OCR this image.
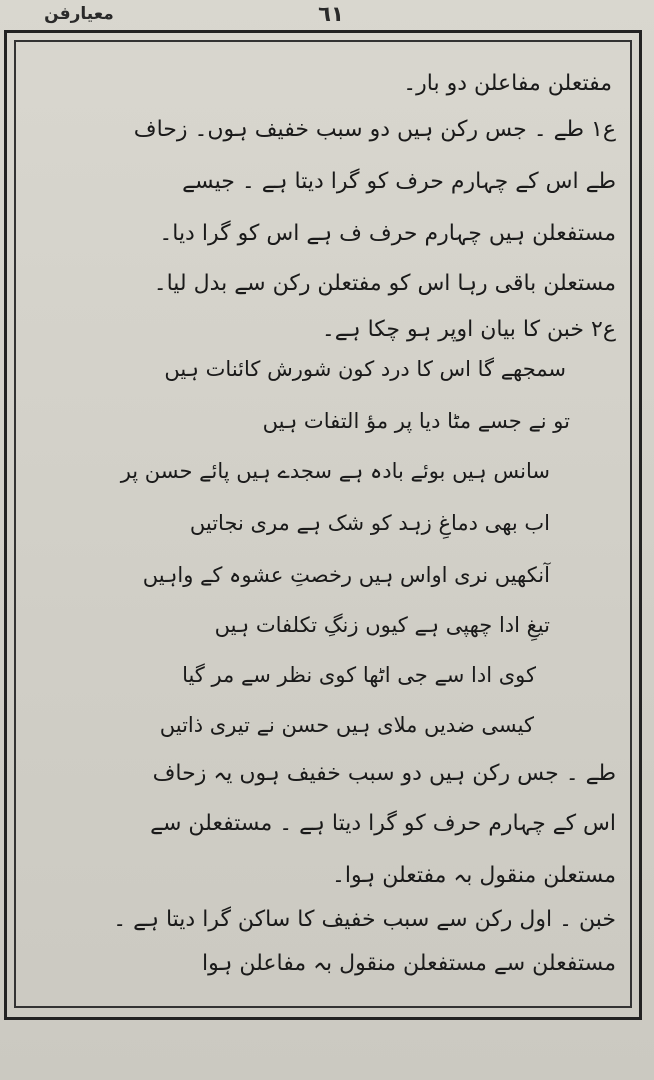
معیارفن	٦١
مفتعلن مفاعلن دو بار۔
ع۱ طے ۔ جس رکن ہیں دو سبب خفیف ہوں۔ زحاف
طے اس کے چہارم حرف کو گرا دیتا ہے ۔ جیسے
مستفعلن ہیں چہارم حرف ف ہے اس کو گرا دیا۔
مستعلن باقی رہا اس کو مفتعلن رکن سے بدل لیا۔
ع۲ خبن کا بیان اوپر ہو چکا ہے۔
سمجھے گا اس کا درد کون شورش کائنات ہیں
تو نے جسے مٹا دیا پر مؤ التفات ہیں
سانس ہیں بوئے بادہ ہے سجدے ہیں پائے حسن پر
اب بھی دماغِ زہد کو شک ہے مری نجاتیں
آنکھیں نری اواس ہیں رخصتِ عشوہ کے واہیں
تیغِ ادا چھپی ہے کیوں زنگِ تکلفات ہیں
کوی ادا سے جی اٹھا کوی نظر سے مر گیا
کیسی ضدیں ملای ہیں حسن نے تیری ذاتیں
طے ۔ جس رکن ہیں دو سبب خفیف ہوں یہ زحاف
اس کے چہارم حرف کو گرا دیتا ہے ۔ مستفعلن سے
مستعلن منقول بہ مفتعلن ہوا۔
خبن ۔ اول رکن سے سبب خفیف کا ساکن گرا دیتا ہے ۔
مستفعلن سے مستفعلن منقول بہ مفاعلن ہوا
